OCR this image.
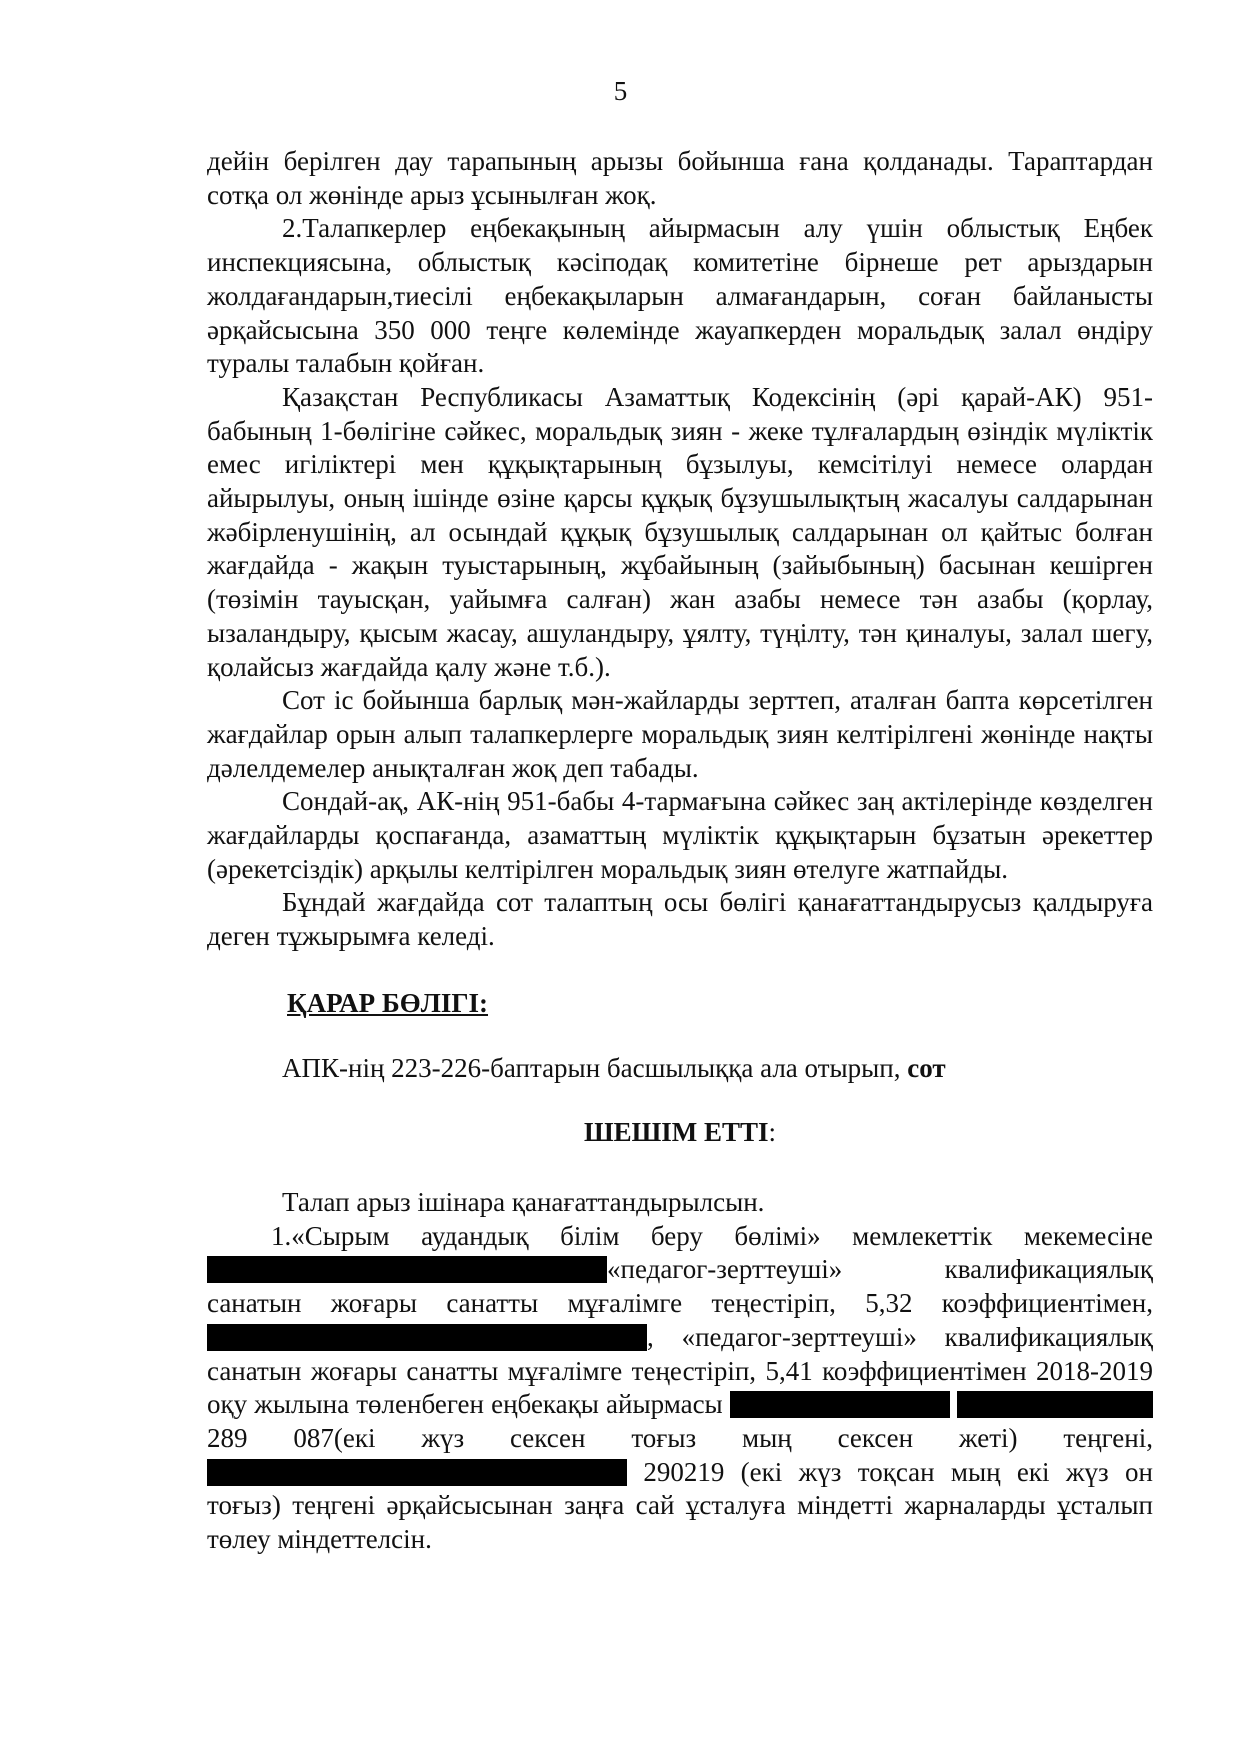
5

дейін берілген дау тарапының арызы бойынша ғана қолданады. Тараптардан сотқа ол жөнінде арыз ұсынылған жоқ.

2.Талапкерлер еңбекақының айырмасын алу үшін облыстық Еңбек инспекциясына, облыстық кәсіподақ комитетіне бірнеше рет арыздарын жолдағандарын,тиесілі еңбекақыларын алмағандарын, соған байланысты әрқайсысына 350 000 теңге көлемінде жауапкерден моральдық залал өндіру туралы талабын қойған.

Қазақстан Республикасы Азаматтық Кодексінің (әрі қарай-АК) 951-бабының 1-бөлігіне сәйкес, моральдық зиян - жеке тұлғалардың өзіндік мүліктік емес игіліктері мен құқықтарының бұзылуы, кемсітілуі немесе олардан айырылуы, оның ішінде өзіне қарсы құқық бұзушылықтың жасалуы салдарынан жәбірленушінің, ал осындай құқық бұзушылық салдарынан ол қайтыс болған жағдайда - жақын туыстарының, жұбайының (зайыбының) басынан кешірген (төзімін тауысқан, уайымға салған) жан азабы немесе тән азабы (қорлау, ызаландыру, қысым жасау, ашуландыру, ұялту, түңілту, тән қиналуы, залал шегу, қолайсыз жағдайда қалу және т.б.).

Сот іс бойынша барлық мән-жайларды зерттеп, аталған бапта көрсетілген жағдайлар орын алып талапкерлерге моральдық зиян келтірілгені жөнінде нақты дәлелдемелер анықталған жоқ деп табады.

Сондай-ақ, АК-нің 951-бабы 4-тармағына сәйкес заң актілерінде көзделген жағдайларды қоспағанда, азаматтың мүліктік құқықтарын бұзатын әрекеттер (әрекетсіздік) арқылы келтірілген моральдық зиян өтелуге жатпайды.

Бұндай жағдайда сот талаптың осы бөлігі қанағаттандырусыз қалдыруға деген тұжырымға келеді.

ҚАРАР БӨЛІГІ:

АПК-нің 223-226-баптарын басшылыққа ала отырып, сот

ШЕШІМ ЕТТІ:

Талап арыз ішінара қанағаттандырылсын.

1.«Сырым аудандық білім беру бөлімі» мемлекеттік мекемесіне «педагог-зерттеуші» квалификациялық санатын жоғары санатты мұғалімге теңестіріп, 5,32 коэффициентімен, , «педагог-зерттеуші» квалификациялық санатын жоғары санатты мұғалімге теңестіріп, 5,41 коэффициентімен 2018-2019 оқу жылына төленбеген еңбекақы айырмасы   289 087(екі жүз сексен тоғыз мың сексен жеті) теңгені,  290219 (екі жүз тоқсан мың екі жүз он тоғыз) теңгені әрқайсысынан заңға сай ұсталуға міндетті жарналарды ұсталып төлеу міндеттелсін.
